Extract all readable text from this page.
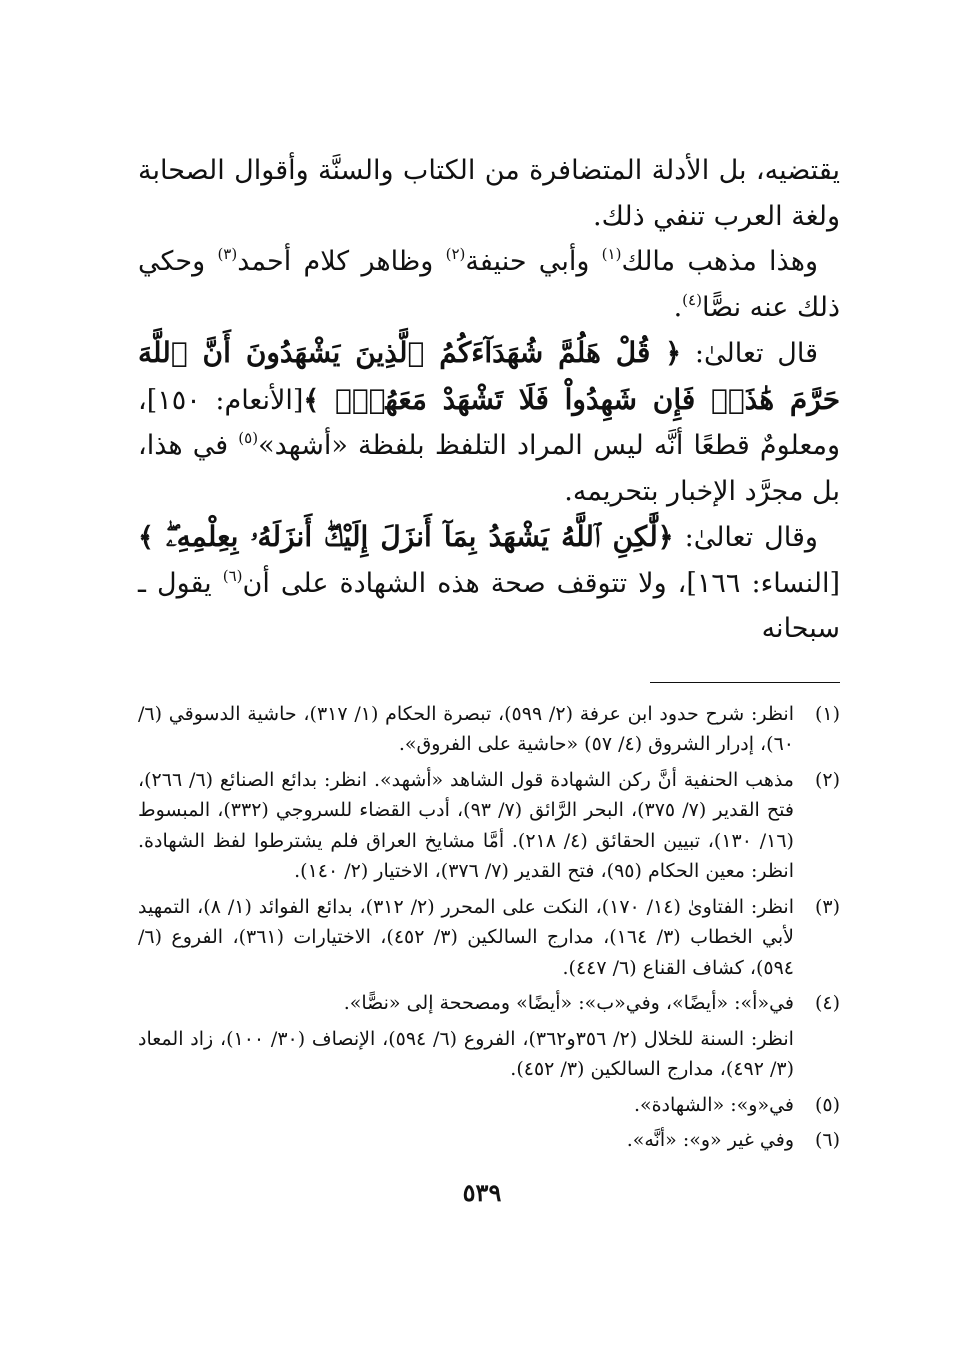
يقتضيه، بل الأدلة المتضافرة من الكتاب والسنَّة وأقوال الصحابة ولغة العرب تنفي ذلك.

وهذا مذهب مالك$^{(١)}$ وأبي حنيفة$^{(٢)}$ وظاهر كلام أحمد$^{(٣)}$ وحكي ذلك عنه نصًّا$^{(٤)}$.

قال تعالىٰ: ﴿ قُلْ هَلُمَّ شُهَدَآءَكُمُ ٱلَّذِينَ يَشْهَدُونَ أَنَّ ٱللَّهَ حَرَّمَ هَٰذَاۖ فَإِن شَهِدُواْ فَلَا تَشْهَدْ مَعَهُمْۚ ﴾[الأنعام: ١٥٠]، ومعلومٌ قطعًا أنَّه ليس المراد التلفظ بلفظة «أشهد»$^{(٥)}$ في هذا، بل مجرَّد الإخبار بتحريمه.

وقال تعالىٰ: ﴿لَّٰكِنِ ٱللَّهُ يَشْهَدُ بِمَآ أَنزَلَ إِلَيْكَۖ أَنزَلَهُۥ بِعِلْمِهِۦۖ ﴾ [النساء: ١٦٦]، ولا تتوقف صحة هذه الشهادة على أن$^{(٦)}$ يقول ـ سبحانه

(١)
انظر: شرح حدود ابن عرفة (٢/ ٥٩٩)، تبصرة الحكام (١/ ٣١٧)، حاشية الدسوقي (٦/ ٦٠)، إدرار الشروق (٤/ ٥٧) «حاشية على الفروق».
(٢)
مذهب الحنفية أنَّ ركن الشهادة قول الشاهد «أشهد». انظر: بدائع الصنائع (٦/ ٢٦٦)، فتح القدير (٧/ ٣٧٥)، البحر الرَّائق (٧/ ٩٣)، أدب القضاء للسروجي (٣٣٢)، المبسوط (١٦/ ١٣٠)، تبيين الحقائق (٤/ ٢١٨). أمَّا مشايخ العراق فلم يشترطوا لفظ الشهادة. انظر: معين الحكام (٩٥)، فتح القدير (٧/ ٣٧٦)، الاختيار (٢/ ١٤٠).
(٣)
انظر: الفتاوىٰ (١٤/ ١٧٠)، النكت على المحرر (٢/ ٣١٢)، بدائع الفوائد (١/ ٨)، التمهيد لأبي الخطاب (٣/ ١٦٤)، مدارج السالكين (٣/ ٤٥٢)، الاختيارات (٣٦١)، الفروع (٦/ ٥٩٤)، كشاف القناع (٦/ ٤٤٧).
(٤)
في«أ»: «أيضًا»، وفي«ب»: «أيضًا» ومصححة إلى «نصًّا».
انظر: السنة للخلال (٢/ ٣٥٦و٣٦٢)، الفروع (٦/ ٥٩٤)، الإنصاف (٣٠/ ١٠٠)، زاد المعاد (٣/ ٤٩٢)، مدارج السالكين (٣/ ٤٥٢).
(٥)
في«و»: «الشهادة».
(٦)
وفي غير «و»: «أنَّه».
٥٣٩
